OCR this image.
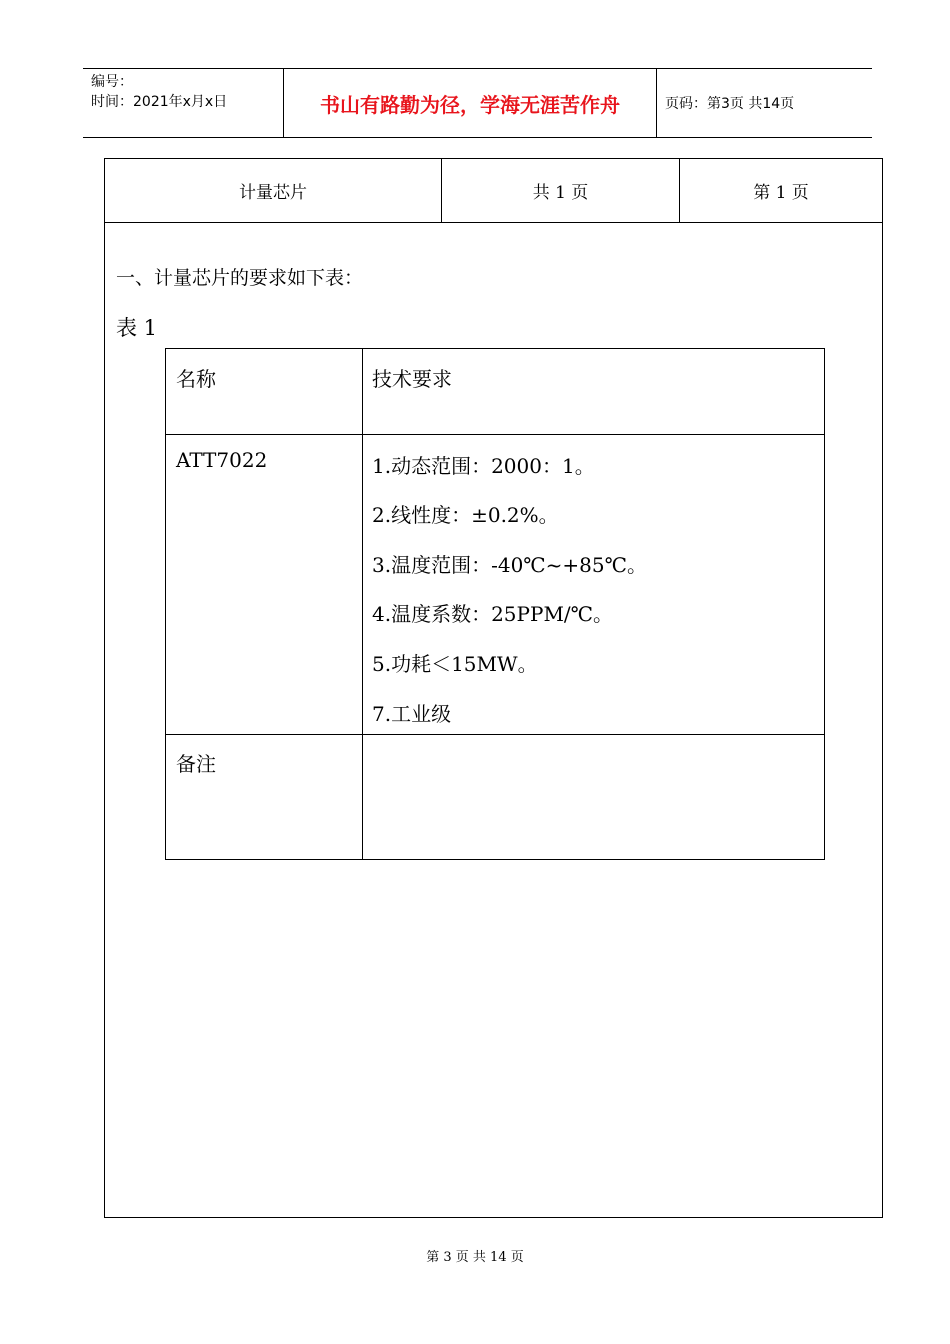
编号：
时间：2021年x月x日	书山有路勤为径，学海无涯苦作舟	页码：第3页 共14页
计量芯片	共 1 页	第 1 页
一、计量芯片的要求如下表：
表 1
名称	技术要求
ATT7022	1.动态范围：2000：1。
2.线性度：±0.2%。
3.温度范围：-40℃~+85℃。
4.温度系数：25PPM/℃。
5.功耗＜15MW。
7.工业级
备注
第 3 页 共 14 页
